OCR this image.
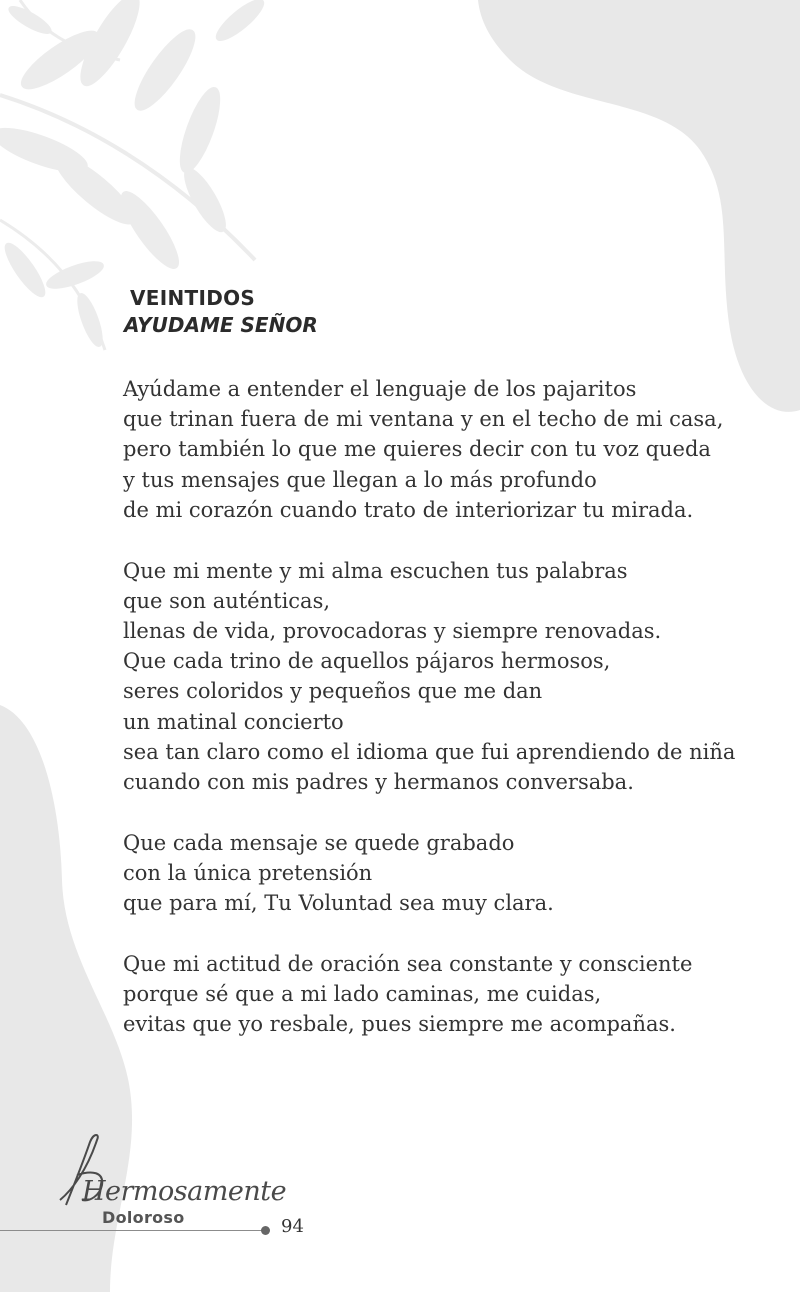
VEINTIDOS
AYUDAME SEÑOR
Ayúdame a entender el lenguaje de los pajaritos
que trinan fuera de mi ventana y en el techo de mi casa,
pero también lo que me quieres decir con tu voz queda
y tus mensajes que llegan a lo más profundo
de mi corazón cuando trato de interiorizar tu mirada.
Que mi mente y mi alma escuchen tus palabras
que son auténticas,
llenas de vida, provocadoras y siempre renovadas.
Que cada trino de aquellos pájaros hermosos,
seres coloridos y pequeños que me dan
un matinal concierto
sea tan claro como el idioma que fui aprendiendo de niña
cuando con mis padres y hermanos conversaba.
Que cada mensaje se quede grabado
con la única pretensión
que para mí, Tu Voluntad sea muy clara.
Que mi actitud de oración sea constante y consciente
porque sé que a mi lado caminas, me cuidas,
evitas que yo resbale, pues siempre me acompañas.
Hermosamente
Doloroso	94
